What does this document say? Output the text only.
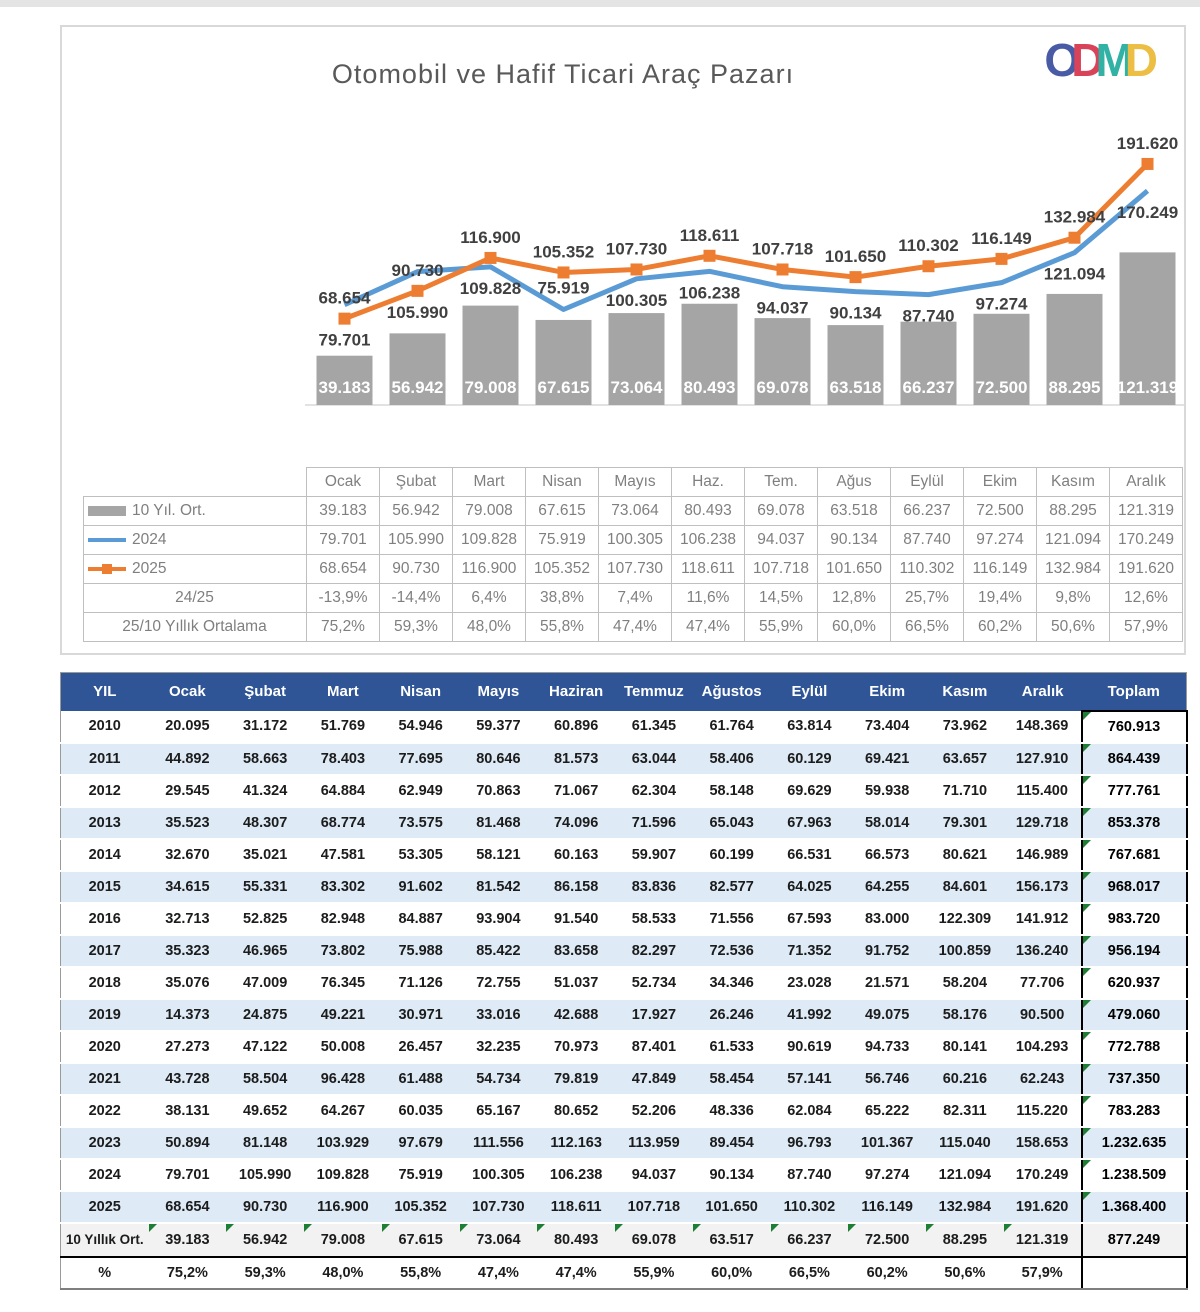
Otomobil ve Hafif Ticari Araç Pazarı	ODMD
39.183 56.942 79.008 67.615 73.064 80.493 69.078 63.518 66.237 72.500 88.295 121.319
68.654
90.730
116.900
105.352 107.730
118.611
107.718 101.650
110.302 116.149
132.984
191.620
79.701
105.990
109.828 75.919
100.305 106.238
94.037 90.134 87.740
97.274
121.094
170.249
	Ocak	Şubat	Mart	Nisan	Mayıs	Haz.	Tem.	Ağus	Eylül	Ekim	Kasım	Aralık
10 Yıl. Ort.	39.183	56.942	79.008	67.615	73.064	80.493	69.078	63.518	66.237	72.500	88.295	121.319
2024	79.701	105.990	109.828	75.919	100.305	106.238	94.037	90.134	87.740	97.274	121.094	170.249

2025	68.654	90.730	116.900	105.352	107.730	118.611	107.718	101.650	110.302	116.149	132.984	191.620
24/25	-13,9%	-14,4%	6,4%	38,8%	7,4%	11,6%	14,5%	12,8%	25,7%	19,4%	9,8%	12,6%
25/10 Yıllık Ortalama	75,2%	59,3%	48,0%	55,8%	47,4%	47,4%	55,9%	60,0%	66,5%	60,2%	50,6%	57,9%
YIL	Ocak	Şubat	Mart	Nisan	Mayıs	Haziran	Temmuz	Ağustos	Eylül	Ekim	Kasım	Aralık	Toplam
2010	20.095	31.172	51.769	54.946	59.377	60.896	61.345	61.764	63.814	73.404	73.962	148.369	760.913

2011	44.892	58.663	78.403	77.695	80.646	81.573	63.044	58.406	60.129	69.421	63.657	127.910	864.439

2012	29.545	41.324	64.884	62.949	70.863	71.067	62.304	58.148	69.629	59.938	71.710	115.400	777.761

2013	35.523	48.307	68.774	73.575	81.468	74.096	71.596	65.043	67.963	58.014	79.301	129.718	853.378

2014	32.670	35.021	47.581	53.305	58.121	60.163	59.907	60.199	66.531	66.573	80.621	146.989	767.681

2015	34.615	55.331	83.302	91.602	81.542	86.158	83.836	82.577	64.025	64.255	84.601	156.173	968.017

2016	32.713	52.825	82.948	84.887	93.904	91.540	58.533	71.556	67.593	83.000	122.309	141.912	983.720

2017	35.323	46.965	73.802	75.988	85.422	83.658	82.297	72.536	71.352	91.752	100.859	136.240	956.194

2018	35.076	47.009	76.345	71.126	72.755	51.037	52.734	34.346	23.028	21.571	58.204	77.706	620.937

2019	14.373	24.875	49.221	30.971	33.016	42.688	17.927	26.246	41.992	49.075	58.176	90.500	479.060

2020	27.273	47.122	50.008	26.457	32.235	70.973	87.401	61.533	90.619	94.733	80.141	104.293	772.788

2021	43.728	58.504	96.428	61.488	54.734	79.819	47.849	58.454	57.141	56.746	60.216	62.243	737.350

2022	38.131	49.652	64.267	60.035	65.167	80.652	52.206	48.336	62.084	65.222	82.311	115.220	783.283

2023	50.894	81.148	103.929	97.679	111.556	112.163	113.959	89.454	96.793	101.367	115.040	158.653	1.232.635

2024	79.701	105.990	109.828	75.919	100.305	106.238	94.037	90.134	87.740	97.274	121.094	170.249	1.238.509

2025	68.654	90.730	116.900	105.352	107.730	118.611	107.718	101.650	110.302	116.149	132.984	191.620	1.368.400

10 Yıllık Ort.	39.183	56.942	79.008	67.615	73.064	80.493	69.078	63.517	66.237	72.500	88.295	121.319	877.249
%	75,2%	59,3%	48,0%	55,8%	47,4%	47,4%	55,9%	60,0%	66,5%	60,2%	50,6%	57,9%	
